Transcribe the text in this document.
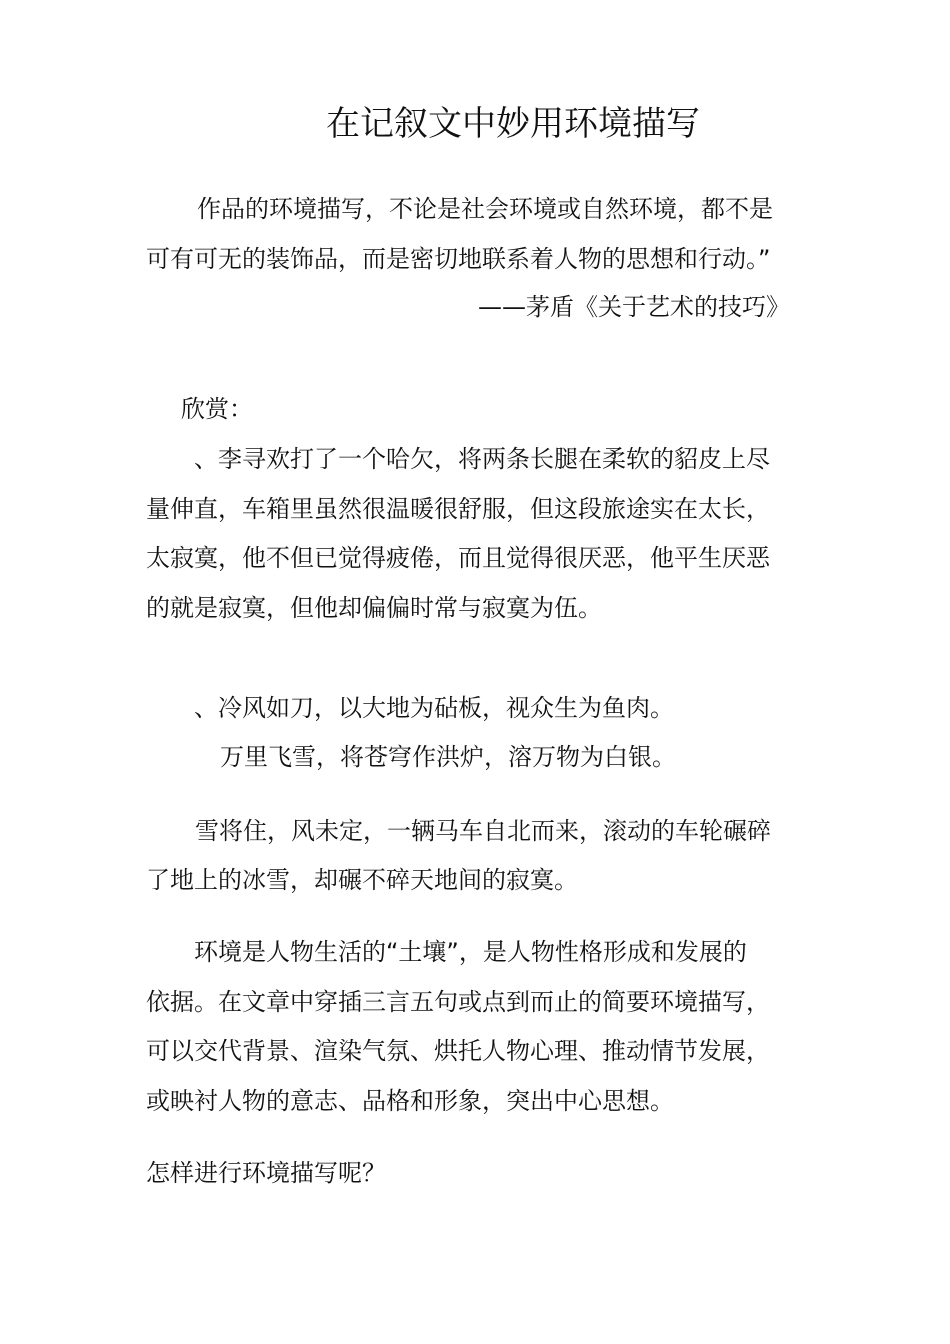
在记叙文中妙用环境描写
作品的环境描写，不论是社会环境或自然环境，都不是
可有可无的装饰品，而是密切地联系着人物的思想和行动。”
——茅盾《关于艺术的技巧》
欣赏：
、李寻欢打了一个哈欠，将两条长腿在柔软的貂皮上尽
量伸直，车箱里虽然很温暖很舒服，但这段旅途实在太长，
太寂寞，他不但已觉得疲倦，而且觉得很厌恶，他平生厌恶
的就是寂寞，但他却偏偏时常与寂寞为伍。
、冷风如刀，以大地为砧板，视众生为鱼肉。
万里飞雪，将苍穹作洪炉，溶万物为白银。
雪将住，风未定，一辆马车自北而来，滚动的车轮碾碎
了地上的冰雪，却碾不碎天地间的寂寞。
环境是人物生活的“土壤”，是人物性格形成和发展的
依据。在文章中穿插三言五句或点到而止的简要环境描写，
可以交代背景、渲染气氛、烘托人物心理、推动情节发展，
或映衬人物的意志、品格和形象，突出中心思想。
怎样进行环境描写呢？
